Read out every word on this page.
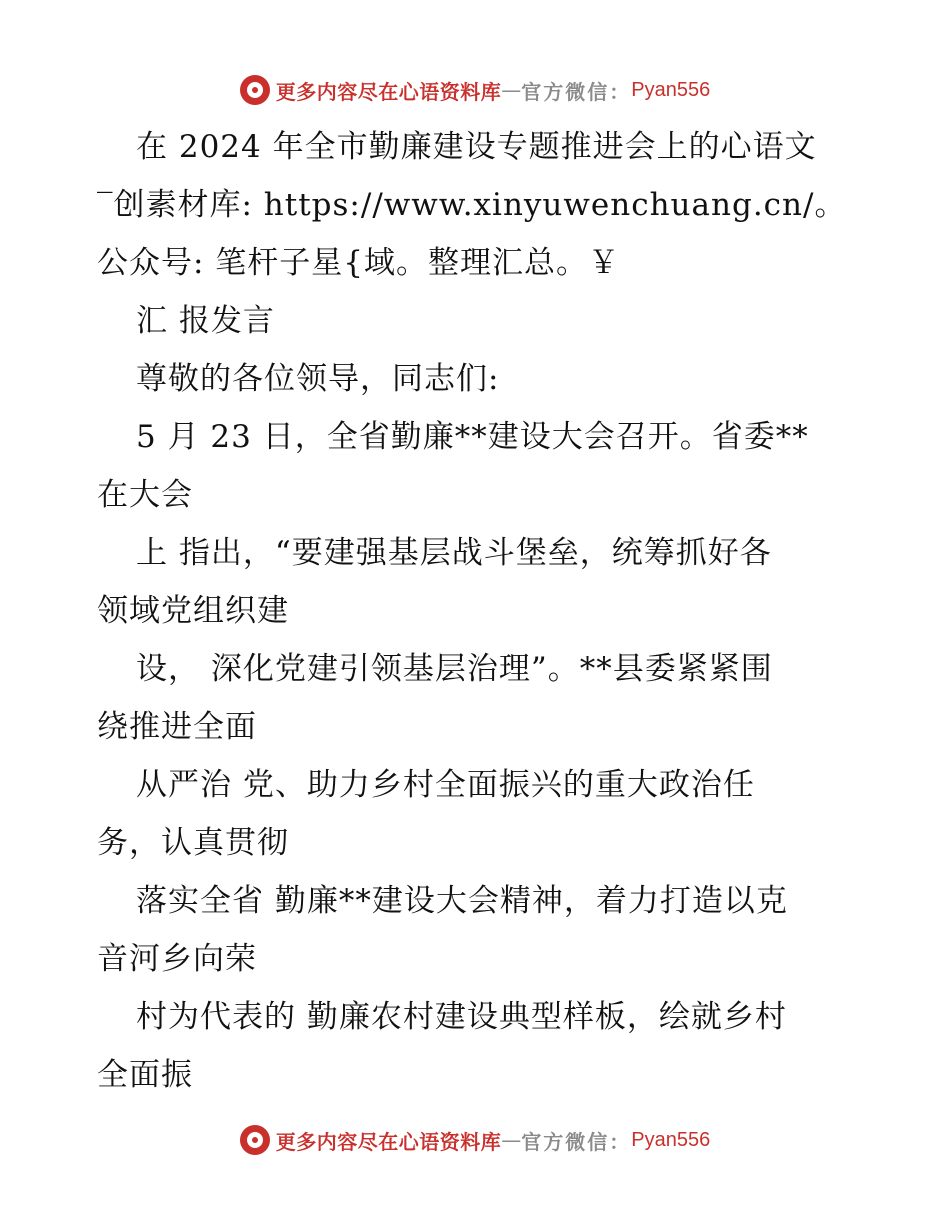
更多内容尽在心语资料库 — 官方微信： Pyan556
在 2024 年全市勤廉建设专题推进会上的心语文
‾创素材库: https://www.xinyuwenchuang.cn/。
公众号: 笔杆子星{域。整理汇总。￥
汇 报发言
尊敬的各位领导，同志们:
5 月 23 日，全省勤廉**建设大会召开。省委**
在大会
上 指出，“要建强基层战斗堡垒，统筹抓好各
领域党组织建
设， 深化党建引领基层治理”。**县委紧紧围
绕推进全面
从严治 党、助力乡村全面振兴的重大政治任
务，认真贯彻
落实全省 勤廉**建设大会精神，着力打造以克
音河乡向荣
村为代表的 勤廉农村建设典型样板，绘就乡村
全面振
更多内容尽在心语资料库 — 官方微信： Pyan556
